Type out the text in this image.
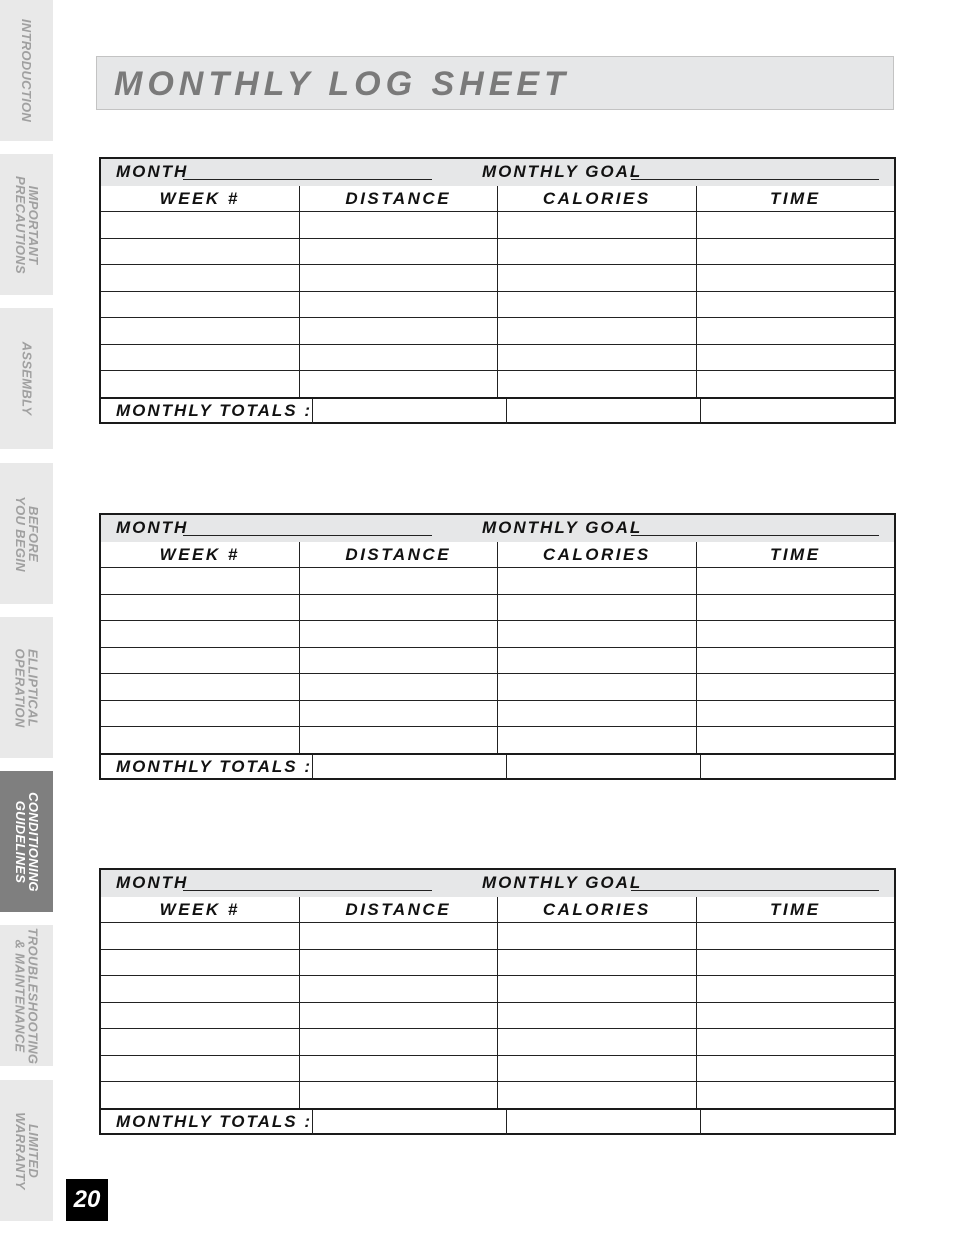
INTRODUCTION
IMPORTANT
PRECAUTIONS
ASSEMBLY
BEFORE
YOU BEGIN
ELLIPTICAL
OPERATION
CONDITIONING
GUIDELINES
TROUBLESHOOTING
& MAINTENANCE
LIMITED
WARRANTY
MONTHLY LOG SHEET
MONTH	MONTHLY GOAL
WEEK #	DISTANCE	CALORIES	TIME
MONTHLY TOTALS :
MONTH	MONTHLY GOAL
WEEK #	DISTANCE	CALORIES	TIME
MONTHLY TOTALS :
MONTH	MONTHLY GOAL
WEEK #	DISTANCE	CALORIES	TIME
MONTHLY TOTALS :
20
